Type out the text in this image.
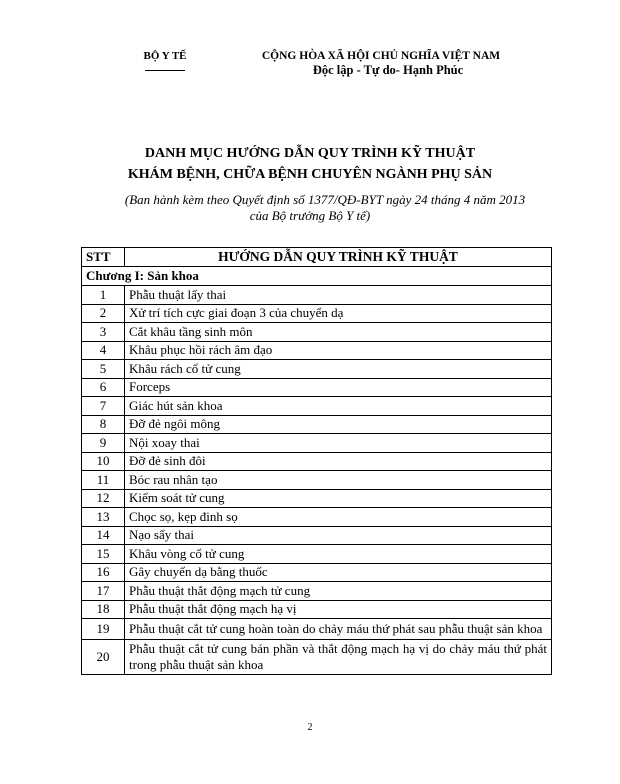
BỘ Y TẾ	CỘNG HÒA XÃ HỘI CHỦ NGHĨA VIỆT NAM
Độc lập - Tự do- Hạnh Phúc
DANH MỤC HƯỚNG DẪN QUY TRÌNH KỸ THUẬT
KHÁM BỆNH, CHỮA BỆNH CHUYÊN NGÀNH PHỤ SẢN
(Ban hành kèm theo Quyết định số 1377/QĐ-BYT ngày 24 tháng 4 năm 2013
của Bộ trưởng Bộ Y tế)
STT	HƯỚNG DẪN QUY TRÌNH KỸ THUẬT
Chương I: Sản khoa	
1	Phẫu thuật lấy thai
2	Xử trí tích cực giai đoạn 3 của chuyển dạ
3	Cắt khâu tầng sinh môn
4	Khâu phục hồi rách âm đạo
5	Khâu rách cổ tử cung
6	Forceps
7	Giác hút sản khoa
8	Đỡ đẻ ngôi mông
9	Nội xoay thai
10	Đỡ đẻ sinh đôi
11	Bóc rau nhân tạo
12	Kiểm soát tử cung
13	Chọc sọ, kẹp đinh sọ
14	Nạo sẩy thai
15	Khâu vòng cổ tử cung
16	Gây chuyển dạ bằng thuốc
17	Phẫu thuật thắt động mạch tử cung
18	Phẫu thuật thắt động mạch hạ vị
19	Phẫu thuật cắt tử cung hoàn toàn do chảy máu thứ phát sau phẫu thuật sản khoa
20	Phẫu thuật cắt tử cung bán phần và thắt động mạch hạ vị do chảy máu thứ phát trong phẫu thuật sản khoa
2
